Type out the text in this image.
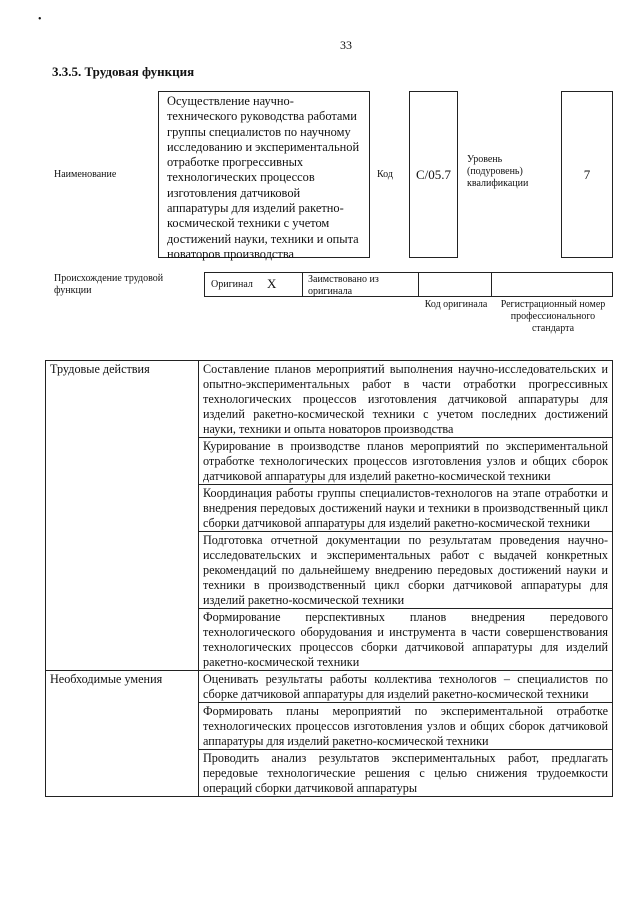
•
33
3.3.5. Трудовая функция
Наименование
Осуществление научно-технического руководства работами группы специалистов по научному исследованию и экспериментальной отработке прогрессивных технологических процессов изготовления датчиковой аппаратуры для изделий ракетно-космической техники с учетом достижений науки, техники и опыта новаторов производства
Код C/05.7
Уровень (подуровень) квалификации
7
Происхождение трудовой функции
Оригинал X	Заимствовано из оригинала
Код оригинала	Регистрационный номер профессионального стандарта
Трудовые действия	Составление планов мероприятий выполнения научно-исследовательских и опытно-экспериментальных работ в части отработки прогрессивных технологических процессов изготовления датчиковой аппаратуры для изделий ракетно-космической техники с учетом последних достижений науки, техники и опыта новаторов производства
	Курирование в производстве планов мероприятий по экспериментальной отработке технологических процессов изготовления узлов и общих сборок датчиковой аппаратуры для изделий ракетно-космической техники
	Координация работы группы специалистов-технологов на этапе отработки и внедрения передовых достижений науки и техники в производственный цикл сборки датчиковой аппаратуры для изделий ракетно-космической техники
	Подготовка отчетной документации по результатам проведения научно-исследовательских и экспериментальных работ с выдачей конкретных рекомендаций по дальнейшему внедрению передовых достижений науки и техники в производственный цикл сборки датчиковой аппаратуры для изделий ракетно-космической техники
	Формирование перспективных планов внедрения передового технологического оборудования и инструмента в части совершенствования технологических процессов сборки датчиковой аппаратуры для изделий ракетно-космической техники
Необходимые умения	Оценивать результаты работы коллектива технологов – специалистов по сборке датчиковой аппаратуры для изделий ракетно-космической техники
	Формировать планы мероприятий по экспериментальной отработке технологических процессов изготовления узлов и общих сборок датчиковой аппаратуры для изделий ракетно-космической техники
	Проводить анализ результатов экспериментальных работ, предлагать передовые технологические решения с целью снижения трудоемкости операций сборки датчиковой аппаратуры
